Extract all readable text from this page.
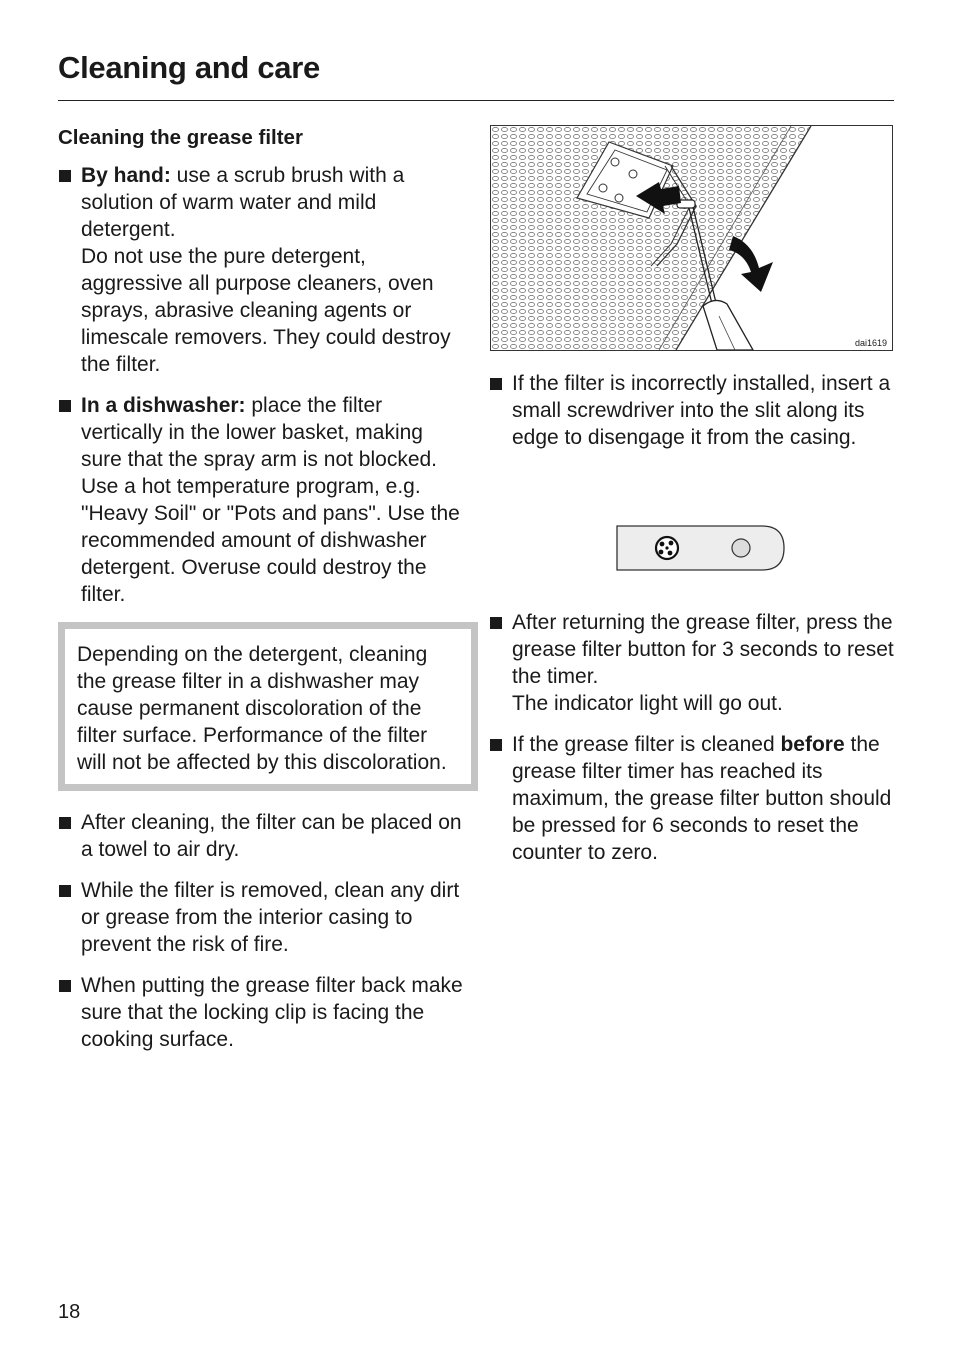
Cleaning and care
Cleaning the grease filter

By hand: use a scrub brush with a solution of warm water and mild detergent.

Do not use the pure detergent, aggressive all purpose cleaners, oven sprays, abrasive cleaning agents or limescale removers. They could destroy the filter.

In a dishwasher: place the filter vertically in the lower basket, making sure that the spray arm is not blocked.

Use a hot temperature program, e.g. "Heavy Soil" or "Pots and pans". Use the recommended amount of dishwasher detergent. Overuse could destroy the filter.

Depending on the detergent, cleaning the grease filter in a dishwasher may cause permanent discoloration of the filter surface. Performance of the filter will not be affected by this discoloration.

After cleaning, the filter can be placed on a towel to air dry.

While the filter is removed, clean any dirt or grease from the interior casing to prevent the risk of fire.

When putting the grease filter back make sure that the locking clip is facing the cooking surface.

dai1619

If the filter is incorrectly installed, insert a small screwdriver into the slit along its edge to disengage it from the casing.

After returning the grease filter, press the grease filter button for 3 seconds to reset the timer.

The indicator light will go out.

If the grease filter is cleaned before the grease filter timer has reached its maximum, the grease filter button should be pressed for 6 seconds to reset the counter to zero.

18
